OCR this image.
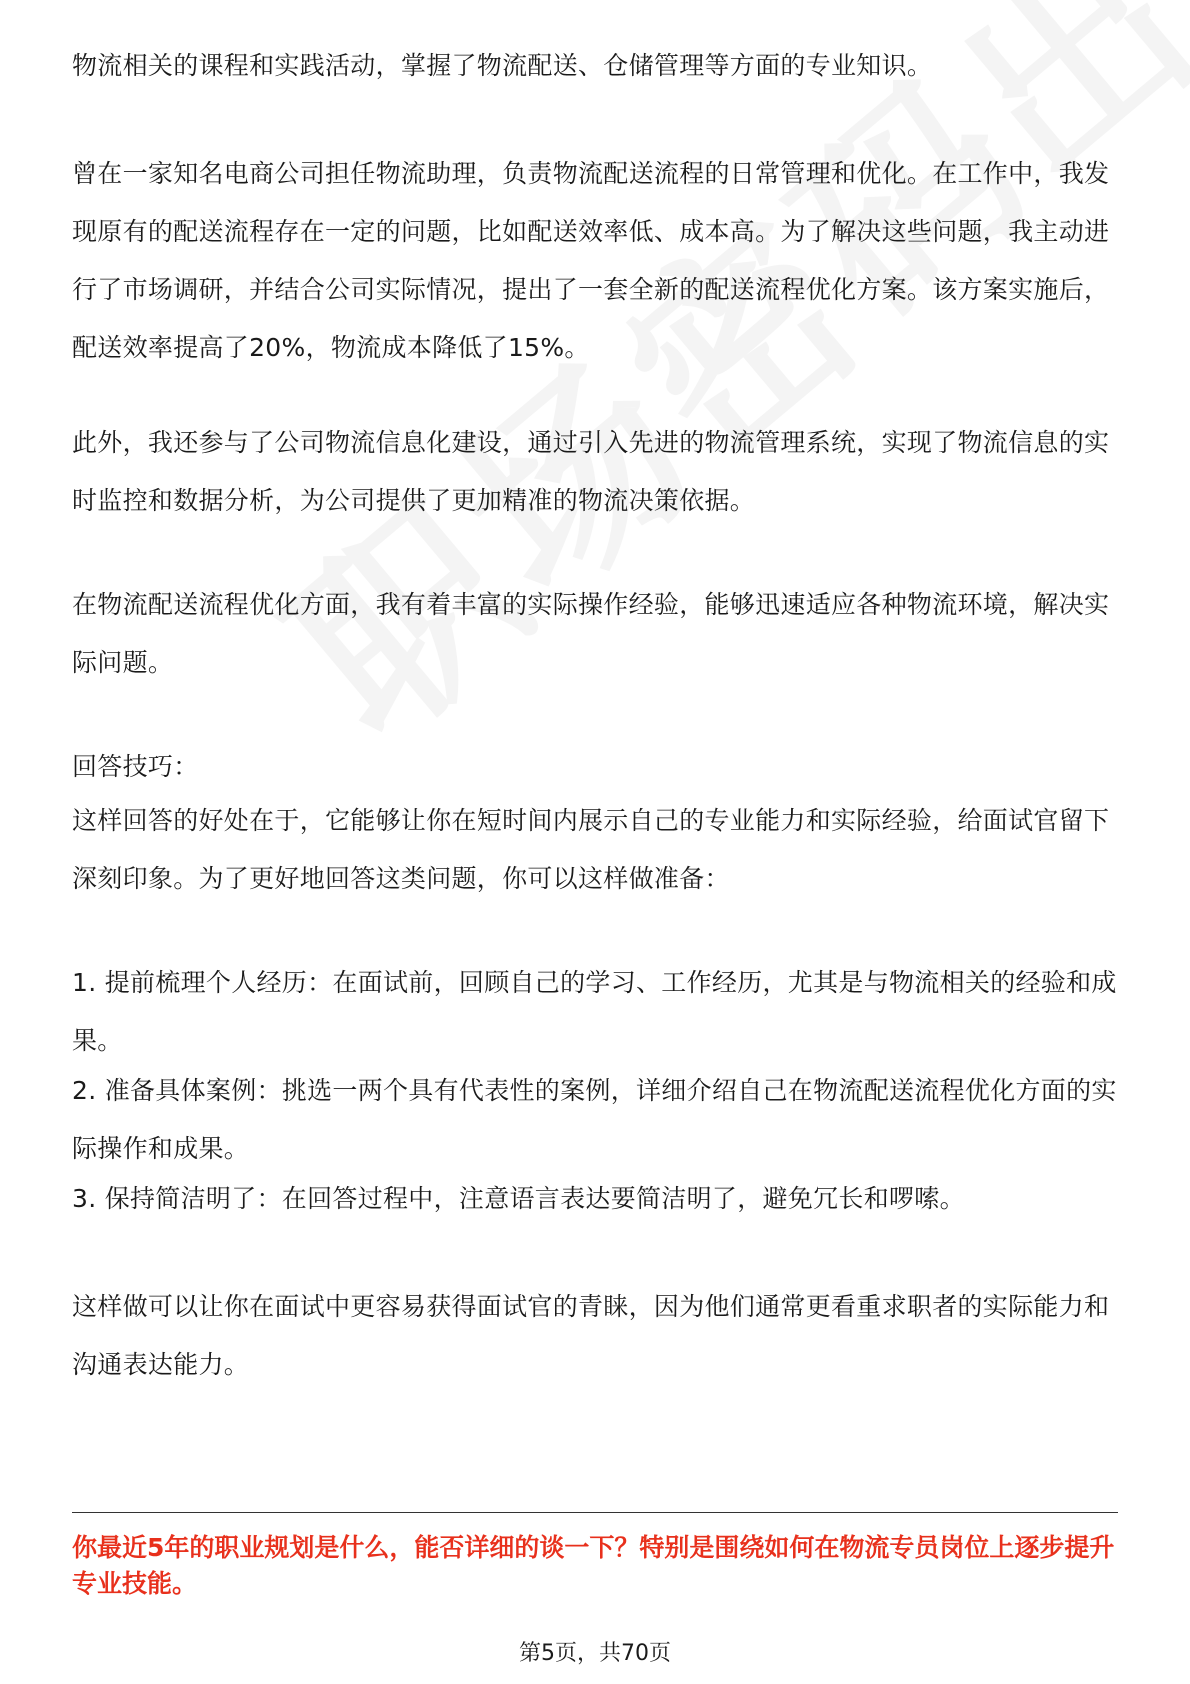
物流相关的课程和实践活动，掌握了物流配送、仓储管理等方面的专业知识。

曾在一家知名电商公司担任物流助理，负责物流配送流程的日常管理和优化。在工作中，我发现原有的配送流程存在一定的问题，比如配送效率低、成本高。为了解决这些问题，我主动进行了市场调研，并结合公司实际情况，提出了一套全新的配送流程优化方案。该方案实施后，配送效率提高了20%，物流成本降低了15%。

此外，我还参与了公司物流信息化建设，通过引入先进的物流管理系统，实现了物流信息的实时监控和数据分析，为公司提供了更加精准的物流决策依据。

在物流配送流程优化方面，我有着丰富的实际操作经验，能够迅速适应各种物流环境，解决实际问题。

回答技巧：

这样回答的好处在于，它能够让你在短时间内展示自己的专业能力和实际经验，给面试官留下深刻印象。为了更好地回答这类问题，你可以这样做准备：

1. 提前梳理个人经历：在面试前，回顾自己的学习、工作经历，尤其是与物流相关的经验和成果。

2. 准备具体案例：挑选一两个具有代表性的案例，详细介绍自己在物流配送流程优化方面的实际操作和成果。

3. 保持简洁明了：在回答过程中，注意语言表达要简洁明了，避免冗长和啰嗦。

这样做可以让你在面试中更容易获得面试官的青睐，因为他们通常更看重求职者的实际能力和沟通表达能力。

你最近5年的职业规划是什么，能否详细的谈一下？特别是围绕如何在物流专员岗位上逐步提升专业技能。

第5页，共70页
